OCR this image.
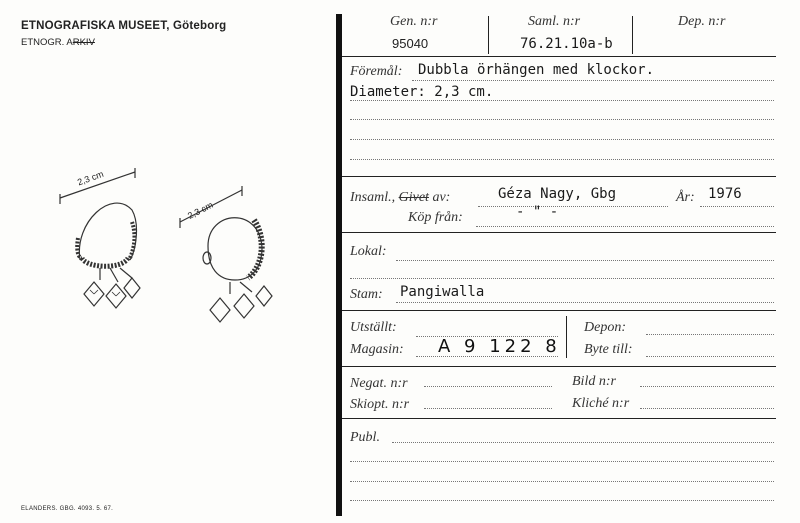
ETNOGRAFISKA MUSEET, Göteborg
ETNOGR. ARKIV
ELANDERS. GBG. 4093. 5. 67.
2,3 cm
2,3 cm
Gen. n:r
95040
Saml. n:r
76.21.10a-b
Dep. n:r
Föremål: Dubbla örhängen med klockor.
Diameter: 2,3 cm.
Insaml., Givet av:	Géza Nagy, Gbg	År: 1976
Köp från:	- " -
Lokal:
Stam: Pangiwalla
Utställt:
Magasin: A 9 122 8
Depon:
Byte till:
Negat. n:r	Bild n:r
Skiopt. n:r	Kliché n:r
Publ.
